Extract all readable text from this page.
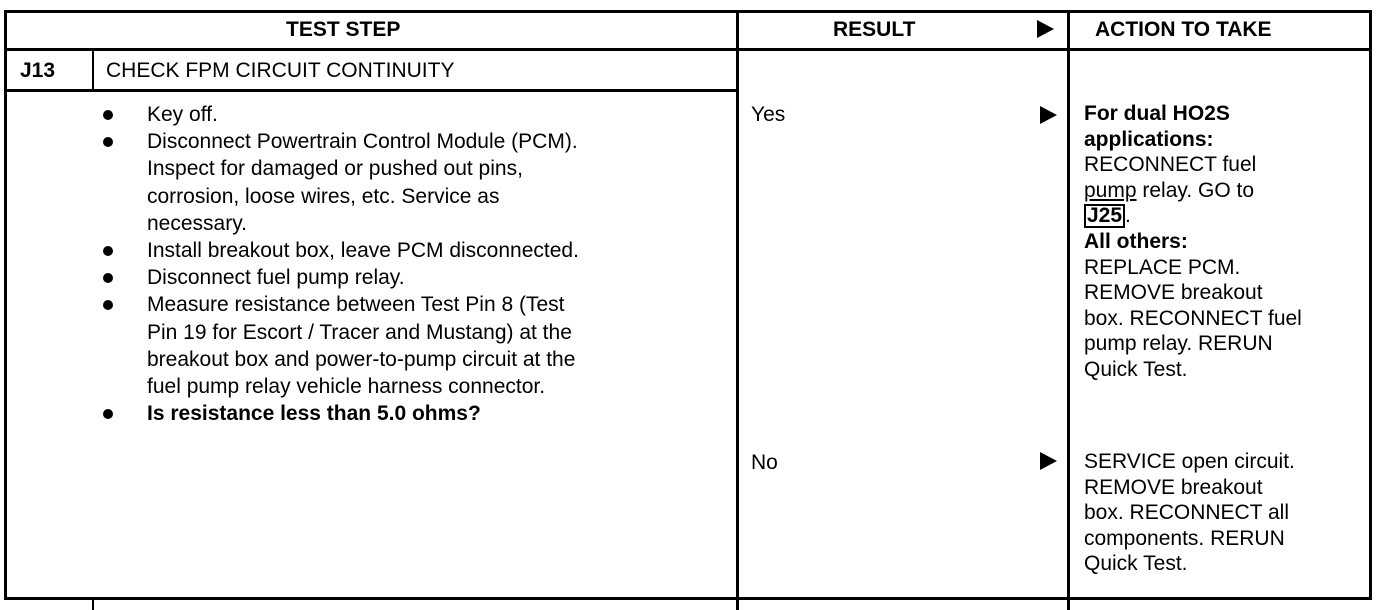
TEST STEP	RESULT	ACTION TO TAKE
J13 CHECK FPM CIRCUIT CONTINUITY
Key off.
Disconnect Powertrain Control Module (PCM).
Inspect for damaged or pushed out pins,
corrosion, loose wires, etc. Service as
necessary.
Install breakout box, leave PCM disconnected.
Disconnect fuel pump relay.
Measure resistance between Test Pin 8 (Test
Pin 19 for Escort / Tracer and Mustang) at the
breakout box and power-to-pump circuit at the
fuel pump relay vehicle harness connector.
Is resistance less than 5.0 ohms?
Yes
No
For dual HO2S
applications:
RECONNECT fuel
pump relay. GO to
J25 .
All others:
REPLACE PCM.
REMOVE breakout
box. RECONNECT fuel
pump relay. RERUN
Quick Test.
SERVICE open circuit.
REMOVE breakout
box. RECONNECT all
components. RERUN
Quick Test.
